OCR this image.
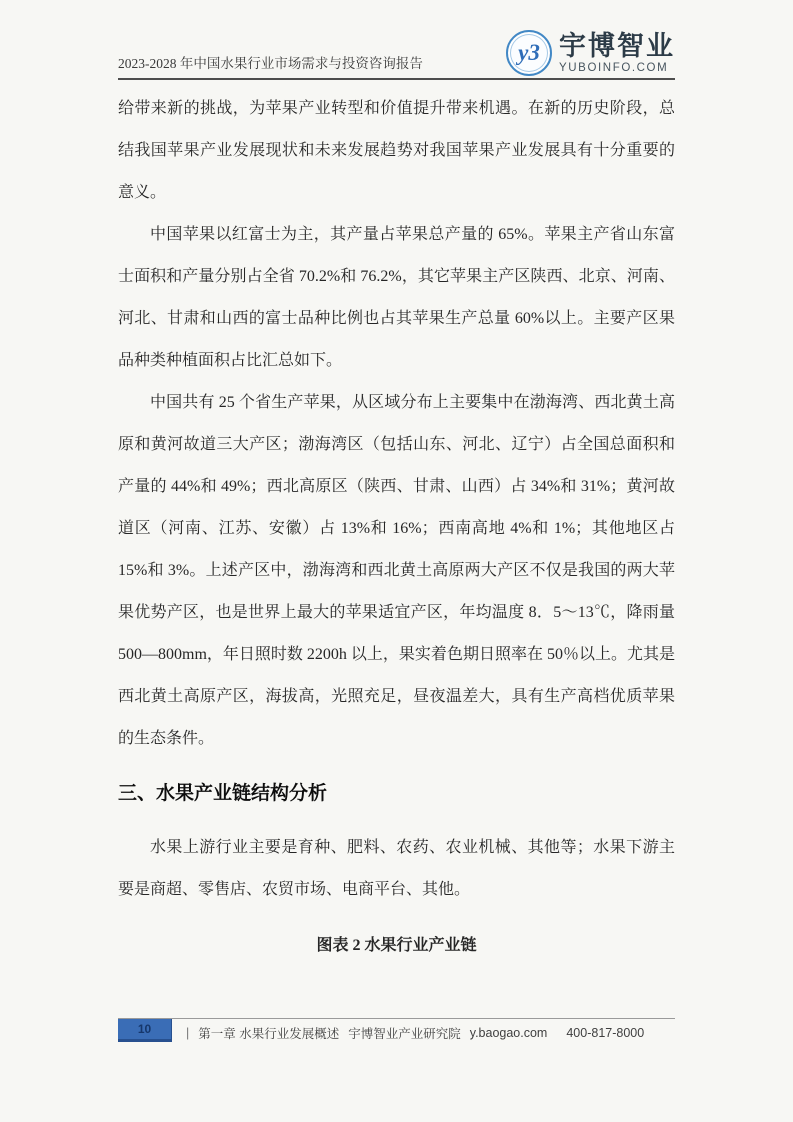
2023-2028 年中国水果行业市场需求与投资咨询报告	y3 宇博智业
YUBOINFO.COM

给带来新的挑战，为苹果产业转型和价值提升带来机遇。在新的历史阶段，总结我国苹果产业发展现状和未来发展趋势对我国苹果产业发展具有十分重要的意义。

中国苹果以红富士为主，其产量占苹果总产量的 65%。苹果主产省山东富士面积和产量分别占全省 70.2%和 76.2%，其它苹果主产区陕西、北京、河南、河北、甘肃和山西的富士品种比例也占其苹果生产总量 60%以上。主要产区果品种类种植面积占比汇总如下。

中国共有 25 个省生产苹果，从区域分布上主要集中在渤海湾、西北黄土高原和黄河故道三大产区；渤海湾区（包括山东、河北、辽宁）占全国总面积和产量的 44%和 49%；西北高原区（陕西、甘肃、山西）占 34%和 31%；黄河故道区（河南、江苏、安徽）占 13%和 16%；西南高地 4%和 1%；其他地区占 15%和 3%。上述产区中，渤海湾和西北黄土高原两大产区不仅是我国的两大苹果优势产区，也是世界上最大的苹果适宜产区，年均温度 8．5～13℃，降雨量 500—800mm，年日照时数 2200h 以上，果实着色期日照率在 50％以上。尤其是西北黄土高原产区，海拔高，光照充足，昼夜温差大，具有生产高档优质苹果的生态条件。

三、水果产业链结构分析

水果上游行业主要是育种、肥料、农药、农业机械、其他等；水果下游主要是商超、零售店、农贸市场、电商平台、其他。

图表 2 水果行业产业链

10	| 第一章 水果行业发展概述 宇博智业产业研究院 y.baogao.com 400-817-8000
